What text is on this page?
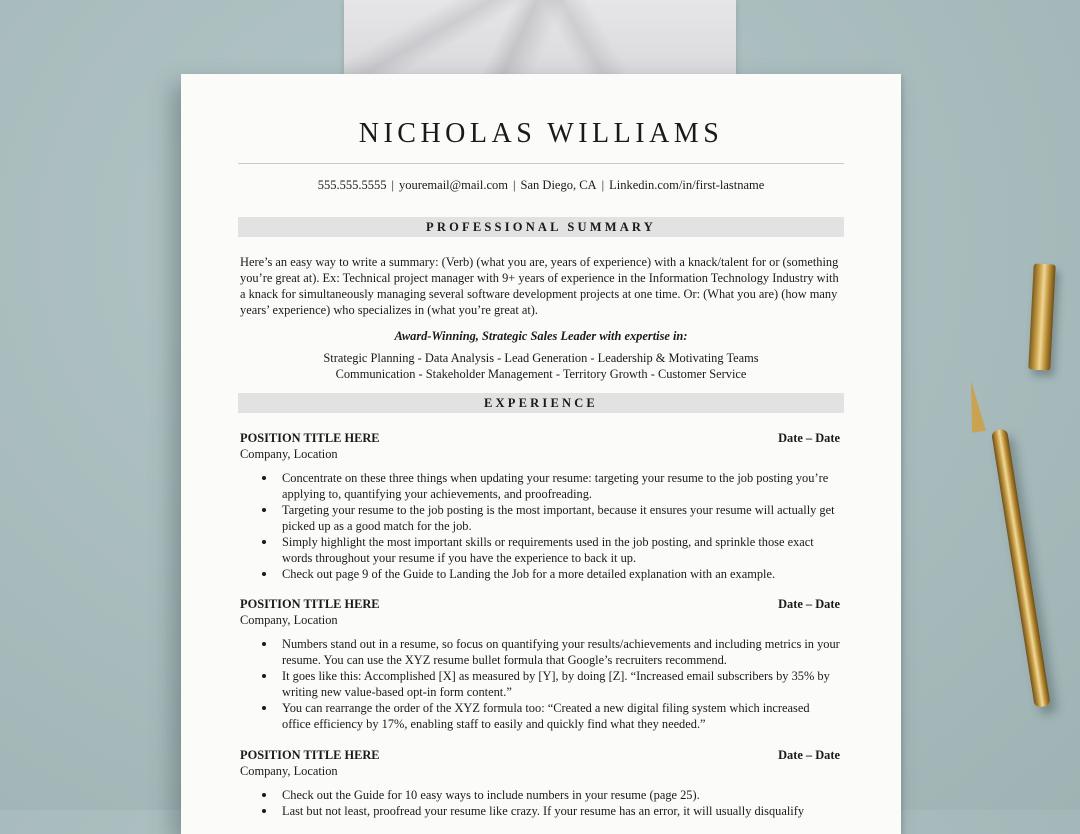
NICHOLAS WILLIAMS
555.555.5555 | youremail@mail.com | San Diego, CA | Linkedin.com/in/first-lastname
PROFESSIONAL SUMMARY

Here’s an easy way to write a summary: (Verb) (what you are, years of experience) with a knack/talent for or (something you’re great at). Ex: Technical project manager with 9+ years of experience in the Information Technology Industry with a knack for simultaneously managing several software development projects at one time. Or: (What you are) (how many years’ experience) who specializes in (what you’re great at).

Award-Winning, Strategic Sales Leader with expertise in:
Strategic Planning - Data Analysis - Lead Generation - Leadership & Motivating Teams
Communication - Stakeholder Management - Territory Growth - Customer Service
EXPERIENCE
POSITION TITLE HERE	Date – Date
Company, Location
Concentrate on these three things when updating your resume: targeting your resume to the job posting you’re applying to, quantifying your achievements, and proofreading.
Targeting your resume to the job posting is the most important, because it ensures your resume will actually get picked up as a good match for the job.
Simply highlight the most important skills or requirements used in the job posting, and sprinkle those exact words throughout your resume if you have the experience to back it up.
Check out page 9 of the Guide to Landing the Job for a more detailed explanation with an example.
POSITION TITLE HERE	Date – Date
Company, Location
Numbers stand out in a resume, so focus on quantifying your results/achievements and including metrics in your resume. You can use the XYZ resume bullet formula that Google’s recruiters recommend.
It goes like this: Accomplished [X] as measured by [Y], by doing [Z]. “Increased email subscribers by 35% by writing new value-based opt-in form content.”
You can rearrange the order of the XYZ formula too: “Created a new digital filing system which increased office efficiency by 17%, enabling staff to easily and quickly find what they needed.”
POSITION TITLE HERE	Date – Date
Company, Location
Check out the Guide for 10 easy ways to include numbers in your resume (page 25).
Last but not least, proofread your resume like crazy. If your resume has an error, it will usually disqualify
